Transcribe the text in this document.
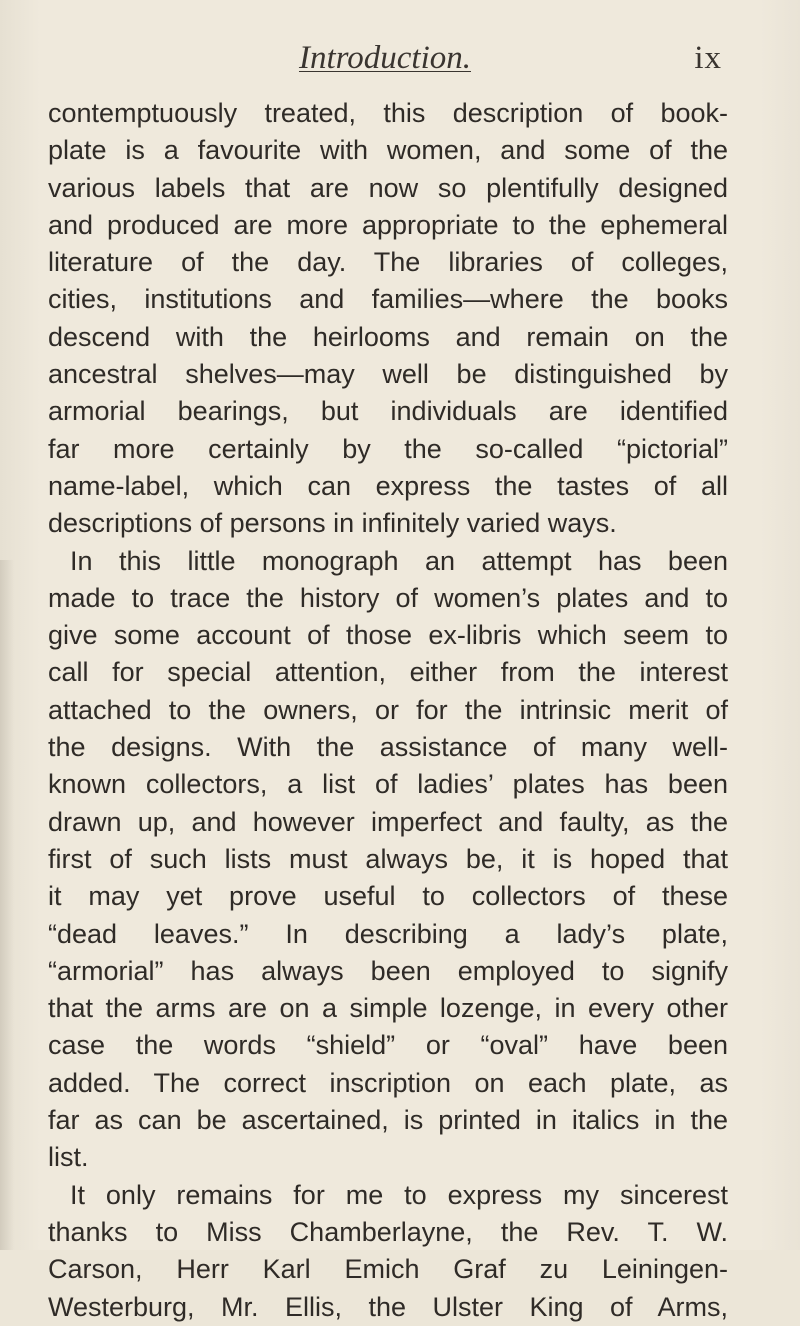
Introduction.	ix
contemptuously treated, this description of book-
plate is a favourite with women, and some of the
various labels that are now so plentifully designed
and produced are more appropriate to the ephemeral
literature of the day. The libraries of colleges,
cities, institutions and families—where the books
descend with the heirlooms and remain on the
ancestral shelves—may well be distinguished by
armorial bearings, but individuals are identified
far more certainly by the so-called “pictorial”
name-label, which can express the tastes of all
descriptions of persons in infinitely varied ways.
In this little monograph an attempt has been
made to trace the history of women’s plates and to
give some account of those ex-libris which seem to
call for special attention, either from the interest
attached to the owners, or for the intrinsic merit of
the designs. With the assistance of many well-
known collectors, a list of ladies’ plates has been
drawn up, and however imperfect and faulty, as the
first of such lists must always be, it is hoped that
it may yet prove useful to collectors of these
“dead leaves.” In describing a lady’s plate,
“armorial” has always been employed to signify
that the arms are on a simple lozenge, in every other
case the words “shield” or “oval” have been
added. The correct inscription on each plate, as
far as can be ascertained, is printed in italics in the
list.
It only remains for me to express my sincerest
thanks to Miss Chamberlayne, the Rev. T. W.
Carson, Herr Karl Emich Graf zu Leiningen-
Westerburg, Mr. Ellis, the Ulster King of Arms,
